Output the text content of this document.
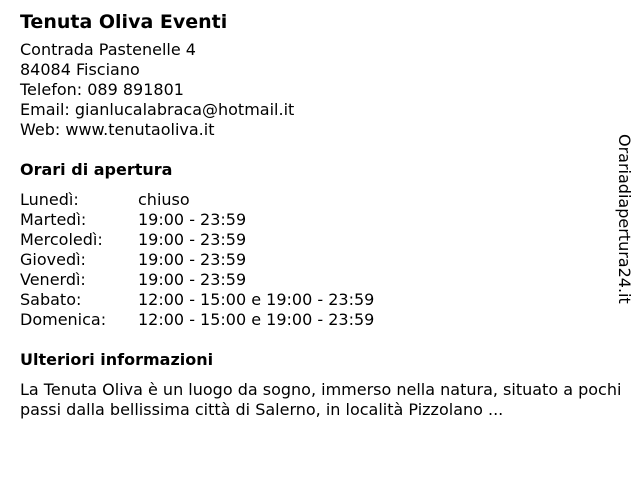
Tenuta Oliva Eventi
Contrada Pastenelle 4
84084 Fisciano
Telefon: 089 891801
Email: gianlucalabraca@hotmail.it
Web: www.tenutaoliva.it
Orari di apertura
Lunedì:	chiuso
Martedì:	19:00 - 23:59
Mercoledì:	19:00 - 23:59
Giovedì:	19:00 - 23:59
Venerdì:	19:00 - 23:59
Sabato:	12:00 - 15:00 e 19:00 - 23:59
Domenica:	12:00 - 15:00 e 19:00 - 23:59
Ulteriori informazioni
La Tenuta Oliva è un luogo da sogno, immerso nella natura, situato a pochi passi dalla bellissima città di Salerno, in località Pizzolano ...
Orariadiapertura24.it
